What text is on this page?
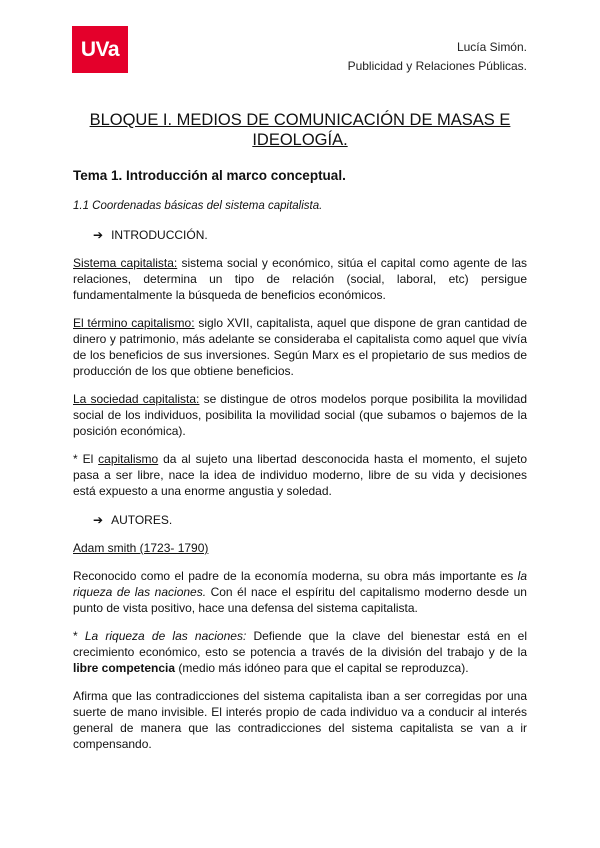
UVa	Lucía Simón.
Publicidad y Relaciones Públicas.
BLOQUE I. MEDIOS DE COMUNICACIÓN DE MASAS E IDEOLOGÍA.
Tema 1. Introducción al marco conceptual.
1.1 Coordenadas básicas del sistema capitalista.
➔ INTRODUCCIÓN.

Sistema capitalista: sistema social y económico, sitúa el capital como agente de las relaciones, determina un tipo de relación (social, laboral, etc) persigue fundamentalmente la búsqueda de beneficios económicos.

El término capitalismo: siglo XVII, capitalista, aquel que dispone de gran cantidad de dinero y patrimonio, más adelante se consideraba el capitalista como aquel que vivía de los beneficios de sus inversiones. Según Marx es el propietario de sus medios de producción de los que obtiene beneficios.

La sociedad capitalista: se distingue de otros modelos porque posibilita la movilidad social de los individuos, posibilita la movilidad social (que subamos o bajemos de la posición económica).

* El capitalismo da al sujeto una libertad desconocida hasta el momento, el sujeto pasa a ser libre, nace la idea de individuo moderno, libre de su vida y decisiones está expuesto a una enorme angustia y soledad.

➔ AUTORES.

Adam smith (1723- 1790)

Reconocido como el padre de la economía moderna, su obra más importante es la riqueza de las naciones. Con él nace el espíritu del capitalismo moderno desde un punto de vista positivo, hace una defensa del sistema capitalista.

* La riqueza de las naciones: Defiende que la clave del bienestar está en el crecimiento económico, esto se potencia a través de la división del trabajo y de la libre competencia (medio más idóneo para que el capital se reproduzca).

Afirma que las contradicciones del sistema capitalista iban a ser corregidas por una suerte de mano invisible. El interés propio de cada individuo va a conducir al interés general de manera que las contradicciones del sistema capitalista se van a ir compensando.
